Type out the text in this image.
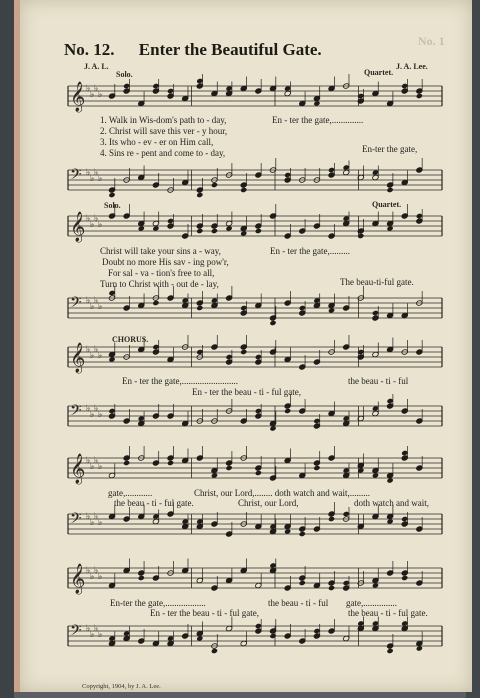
No. 1
No. 12. Enter the Beautiful Gate.
J. A. L.	J. A. Lee.
Solo.	Quartet.
𝄞 ♭
♭
♭
♭
1. Walk in Wis-dom's path to - day,
2. Christ will save this ver - y hour,
3. Its who - ev - er on Him call,
4. Sins re - pent and come to - day,
En - ter the gate,..............
En-ter the gate,
𝄢 ♭
♭
♭
♭
Solo.	Quartet.
𝄞 ♭
♭
♭
♭
Christ will take your sins a - way,
Doubt no more His sav - ing pow'r,
For sal - va - tion's free to all,
Turn to Christ with - out de - lay,
En - ter the gate,.........
The beau-ti-ful gate.
𝄢 ♭
♭
♭
♭
CHORUS.
𝄞 ♭
♭
♭
♭
En - ter the gate,.........................	the beau - ti - ful
En - ter the beau - ti - ful gate,
𝄢 ♭
♭
♭
♭
𝄞 ♭
♭
♭
♭
gate,............	Christ, our Lord,........ doth watch and wait,.........
the beau - ti - ful gate.	Christ, our Lord,	doth watch and wait,
𝄢 ♭
♭
♭
♭
𝄞 ♭
♭
♭
♭
En-ter the gate,..................	the beau - ti - ful gate,...............
En - ter the beau - ti - ful gate,	the beau - ti - ful gate.
𝄢 ♭
♭
♭
♭
Copyright, 1904, by J. A. Lee.
